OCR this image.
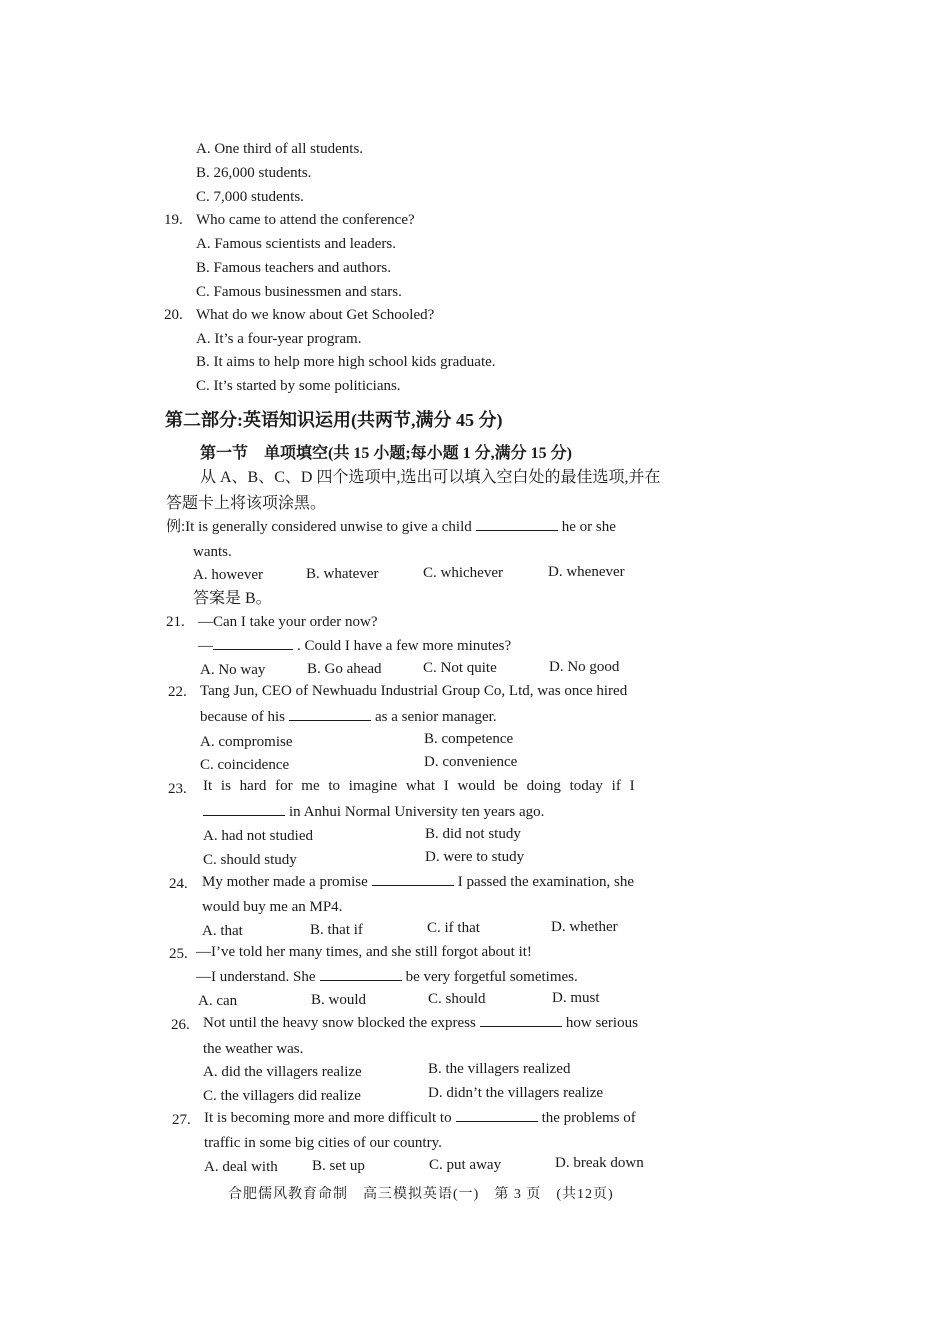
A. One third of all students.
B. 26,000 students.
C. 7,000 students.
19. Who came to attend the conference?
A. Famous scientists and leaders.
B. Famous teachers and authors.
C. Famous businessmen and stars.
20. What do we know about Get Schooled?
A. It’s a four-year program.
B. It aims to help more high school kids graduate.
C. It’s started by some politicians.
第二部分:英语知识运用(共两节,满分 45 分)
第一节　单项填空(共 15 小题;每小题 1 分,满分 15 分)
从 A、B、C、D 四个选项中,选出可以填入空白处的最佳选项,并在
答题卡上将该项涂黑。
例:It is generally considered unwise to give a child	he or she
wants.
A. however	B. whatever	C. whichever	D. whenever
答案是 B。
21. —Can I take your order now?
—	. Could I have a few more minutes?
A. No way	B. Go ahead	C. Not quite	D. No good
22. Tang Jun, CEO of Newhuadu Industrial Group Co, Ltd, was once hired
because of his	as a senior manager.
A. compromise	B. competence
C. coincidence	D. convenience
23. It is hard for me to imagine what I would be doing today if I
in Anhui Normal University ten years ago.
A. had not studied	B. did not study
C. should study	D. were to study
24. My mother made a promise	I passed the examination, she
would buy me an MP4.
A. that	B. that if	C. if that	D. whether
25. —I’ve told her many times, and she still forgot about it!
—I understand. She	be very forgetful sometimes.
A. can	B. would	C. should	D. must
26. Not until the heavy snow blocked the express	how serious
the weather was.
A. did the villagers realize	B. the villagers realized
C. the villagers did realize	D. didn’t the villagers realize
27. It is becoming more and more difficult to	the problems of
traffic in some big cities of our country.
A. deal with B. set up	C. put away	D. break down
合肥儒风教育命制　高三模拟英语(一)　第 3 页　(共12页)
